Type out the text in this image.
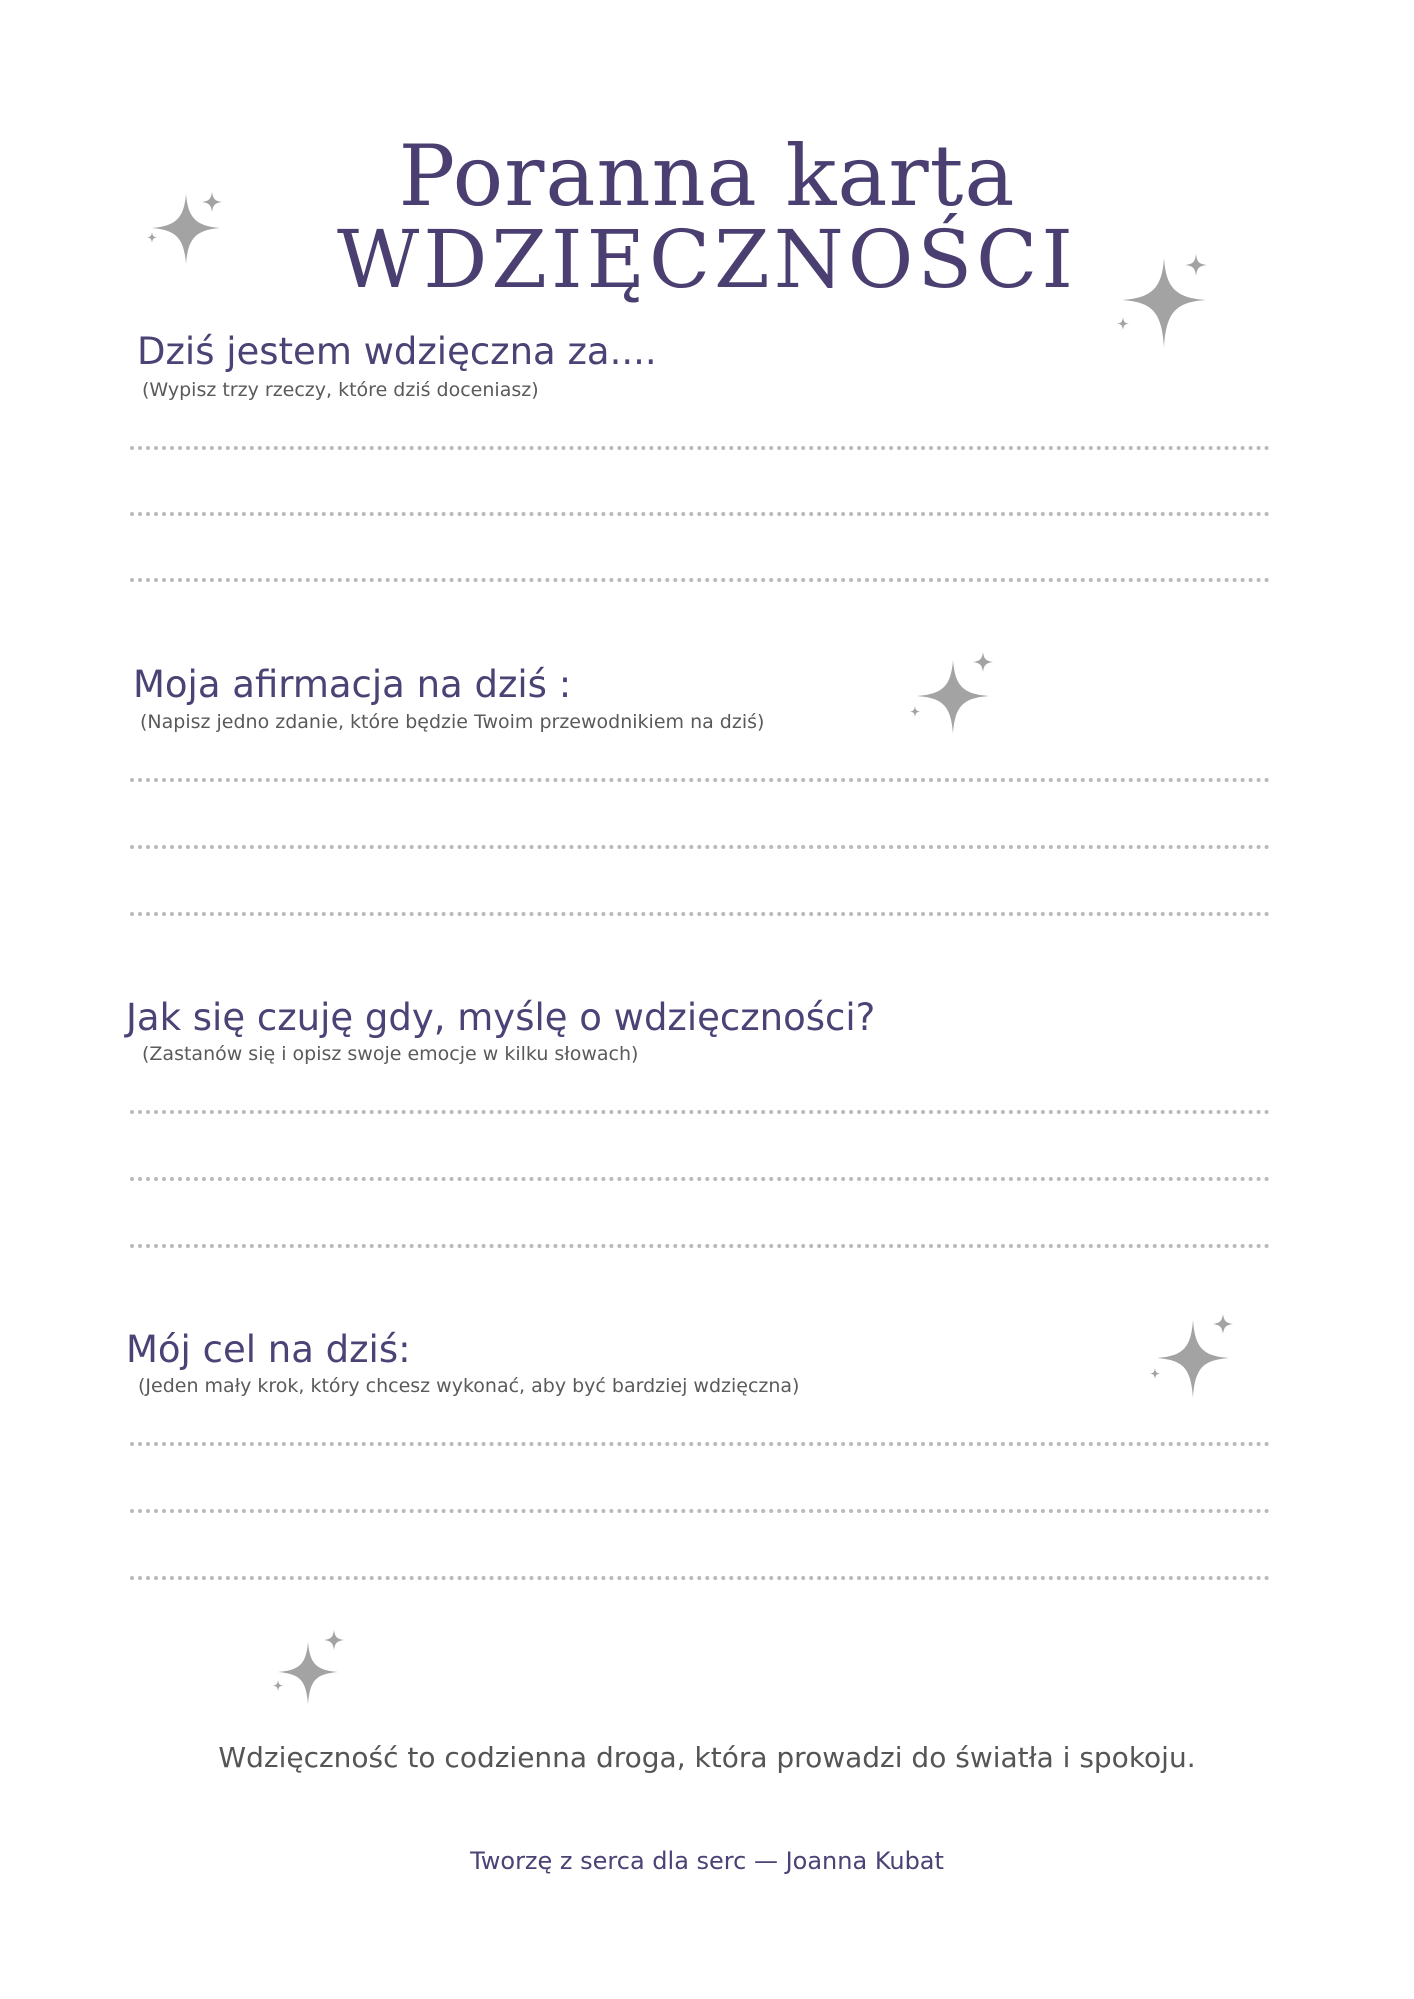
Poranna karta
WDZIĘCZNOŚCI
Dziś jestem wdzięczna za....

(Wypisz trzy rzeczy, które dziś doceniasz)

Moja afirmacja na dziś :

(Napisz jedno zdanie, które będzie Twoim przewodnikiem na dziś)

Jak się czuję gdy, myślę o wdzięczności?

(Zastanów się i opisz swoje emocje w kilku słowach)

Mój cel na dziś:

(Jeden mały krok, który chcesz wykonać, aby być bardziej wdzięczna)

Wdzięczność to codzienna droga, która prowadzi do światła i spokoju.

Tworzę z serca dla serc — Joanna Kubat
